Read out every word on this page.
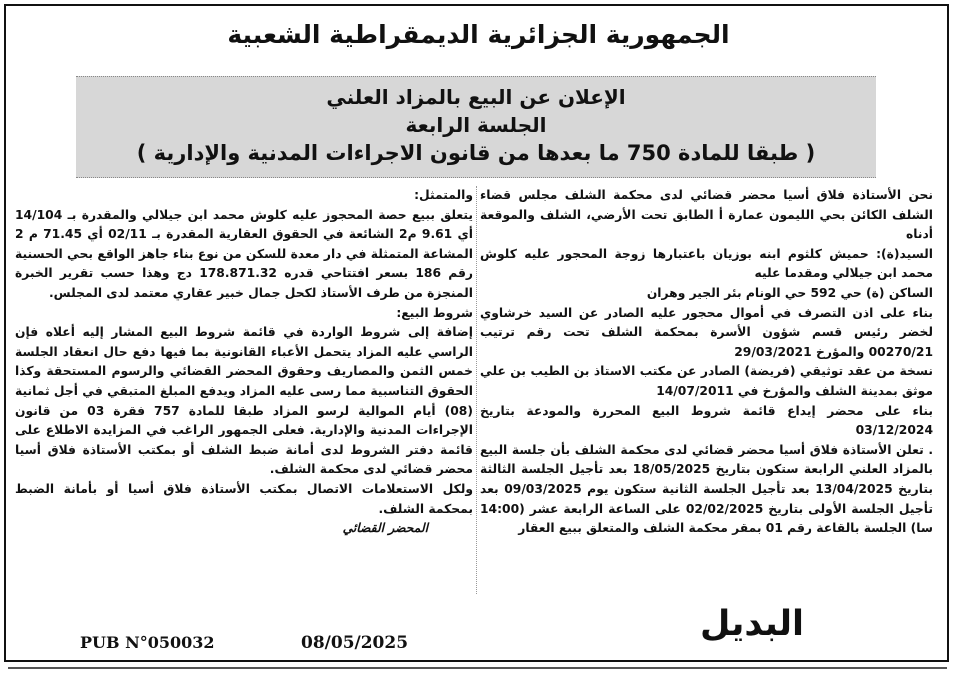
الجمهورية الجزائرية الديمقراطية الشعبية
الإعلان عن البيع بالمزاد العلني
الجلسة الرابعة
( طبقا للمادة 750 ما بعدها من قانون الاجراءات المدنية والإدارية )

نحن الأستاذة فلاق أسيا محضر قضائي لدى محكمة الشلف مجلس قضاء الشلف الكائن بحي الليمون عمارة أ الطابق تحت الأرضي، الشلف والموقعة أدناه

السيد(ة): حميش كلثوم ابنه بوزيان باعتبارها زوجة المحجور عليه كلوش محمد ابن جيلالي ومقدما عليه

الساكن (ة) حي 592 حي الونام بئر الجير وهران

بناء على اذن التصرف في أموال محجور عليه الصادر عن السيد خرشاوي لخضر رئيس قسم شؤون الأسرة بمحكمة الشلف تحت رقم ترتيب 00270/21 والمؤرخ 29/03/2021

نسخة من عقد توثيقي (فريضة) الصادر عن مكتب الاستاذ بن الطيب بن علي موثق بمدينة الشلف والمؤرخ في 14/07/2011

بناء على محضر إيداع قائمة شروط البيع المحررة والمودعة بتاريخ 03/12/2024

. تعلن الأستاذة فلاق أسيا محضر قضائي لدى محكمة الشلف بأن جلسة البيع بالمزاد العلني الرابعة ستكون بتاريخ 18/05/2025 بعد تأجيل الجلسة الثالثة بتاريخ 13/04/2025 بعد تأجيل الجلسة الثانية ستكون يوم 09/03/2025 بعد تأجيل الجلسة الأولى بتاريخ 02/02/2025 على الساعة الرابعة عشر (14:00 سا) الجلسة بالقاعة رقم 01 بمقر محكمة الشلف والمتعلق ببيع العقار

والمتمثل:

يتعلق ببيع حصة المحجوز عليه كلوش محمد ابن جيلالي والمقدرة بـ 14/104 أي 9.61 م2 الشائعة في الحقوق العقارية المقدرة بـ 02/11 أي 71.45 م 2 المشاعة المتمثلة في دار معدة للسكن من نوع بناء جاهز الواقع بحي الحسنية رقم 186 بسعر افتتاحي قدره 178.871.32 دج وهذا حسب تقرير الخبرة المنجزة من طرف الأستاذ لكحل جمال خبير عقاري معتمد لدى المجلس.

شروط البيع:

إضافة إلى شروط الواردة في قائمة شروط البيع المشار إليه أعلاه فإن الراسي عليه المزاد يتحمل الأعباء القانونية بما فيها دفع حال انعقاد الجلسة خمس الثمن والمصاريف وحقوق المحضر القضائي والرسوم المستحقة وكذا الحقوق التناسبية مما رسى عليه المزاد ويدفع المبلغ المتبقي في أجل ثمانية (08) أيام الموالية لرسو المزاد طبقا للمادة 757 فقرة 03 من قانون الإجراءات المدنية والإدارية. فعلى الجمهور الراغب في المزايدة الاطلاع على قائمة دفتر الشروط لدى أمانة ضبط الشلف أو بمكتب الأستاذة فلاق أسيا محضر قضائي لدى محكمة الشلف.

ولكل الاستعلامات الاتصال بمكتب الأستاذة فلاق أسيا أو بأمانة الضبط بمحكمة الشلف.

المحضر القضائي

البديل
08/05/2025
PUB N°050032
